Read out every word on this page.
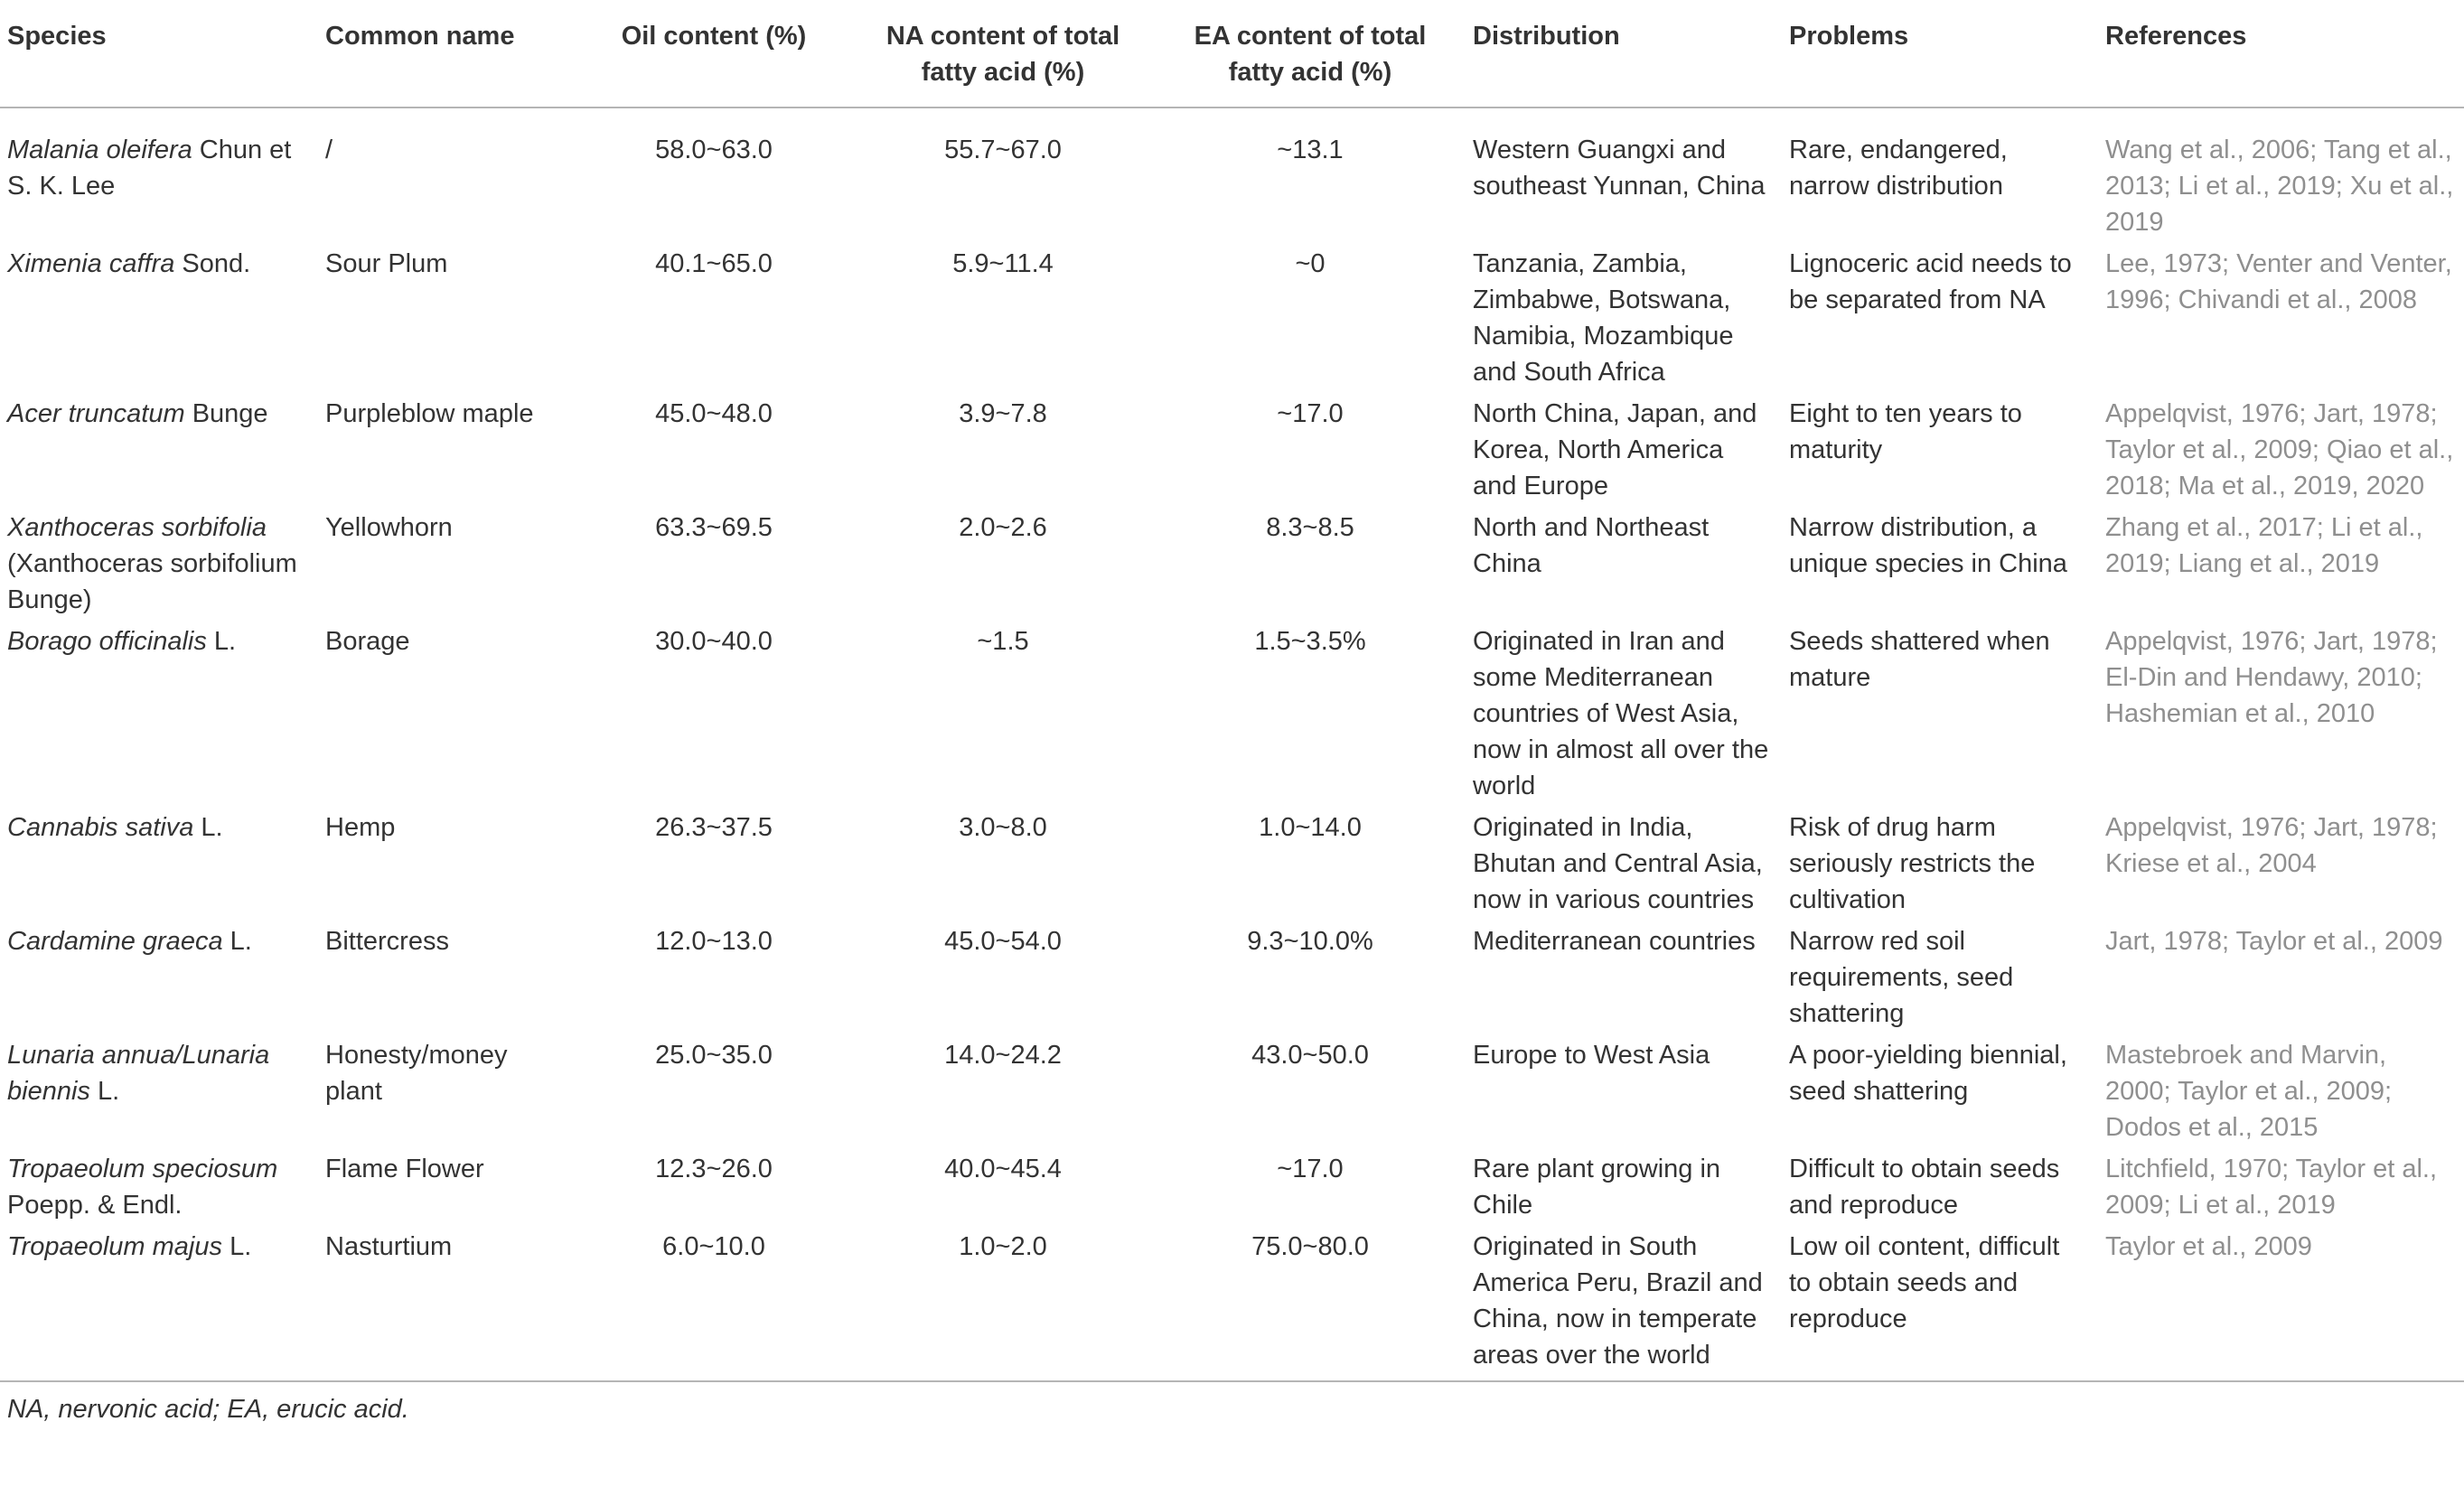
Species	Common name	Oil content (%)	NA content of total fatty acid (%)	EA content of total fatty acid (%)	Distribution	Problems	References
Malania oleifera Chun et S. K. Lee	/	58.0~63.0	55.7~67.0	~13.1	Western Guangxi and southeast Yunnan, China	Rare, endangered, narrow distribution	Wang et al., 2006; Tang et al., 2013; Li et al., 2019; Xu et al., 2019
Ximenia caffra Sond.	Sour Plum	40.1~65.0	5.9~11.4	~0	Tanzania, Zambia, Zimbabwe, Botswana, Namibia, Mozambique and South Africa	Lignoceric acid needs to be separated from NA	Lee, 1973; Venter and Venter, 1996; Chivandi et al., 2008
Acer truncatum Bunge	Purpleblow maple	45.0~48.0	3.9~7.8	~17.0	North China, Japan, and Korea, North America and Europe	Eight to ten years to maturity	Appelqvist, 1976; Jart, 1978; Taylor et al., 2009; Qiao et al., 2018; Ma et al., 2019, 2020
Xanthoceras sorbifolia (Xanthoceras sorbifolium Bunge)	Yellowhorn	63.3~69.5	2.0~2.6	8.3~8.5	North and Northeast China	Narrow distribution, a unique species in China	Zhang et al., 2017; Li et al., 2019; Liang et al., 2019
Borago officinalis L.	Borage	30.0~40.0	~1.5	1.5~3.5%	Originated in Iran and some Mediterranean countries of West Asia, now in almost all over the world	Seeds shattered when mature	Appelqvist, 1976; Jart, 1978; El-Din and Hendawy, 2010; Hashemian et al., 2010
Cannabis sativa L.	Hemp	26.3~37.5	3.0~8.0	1.0~14.0	Originated in India, Bhutan and Central Asia, now in various countries	Risk of drug harm seriously restricts the cultivation	Appelqvist, 1976; Jart, 1978; Kriese et al., 2004
Cardamine graeca L.	Bittercress	12.0~13.0	45.0~54.0	9.3~10.0%	Mediterranean countries	Narrow red soil requirements, seed shattering	Jart, 1978; Taylor et al., 2009
Lunaria annua/Lunaria biennis L.	Honesty/money plant	25.0~35.0	14.0~24.2	43.0~50.0	Europe to West Asia	A poor-yielding biennial, seed shattering	Mastebroek and Marvin, 2000; Taylor et al., 2009; Dodos et al., 2015
Tropaeolum speciosum Poepp. & Endl.	Flame Flower	12.3~26.0	40.0~45.4	~17.0	Rare plant growing in Chile	Difficult to obtain seeds and reproduce	Litchfield, 1970; Taylor et al., 2009; Li et al., 2019
Tropaeolum majus L.	Nasturtium	6.0~10.0	1.0~2.0	75.0~80.0	Originated in South America Peru, Brazil and China, now in temperate areas over the world	Low oil content, difficult to obtain seeds and reproduce	Taylor et al., 2009
NA, nervonic acid; EA, erucic acid.
